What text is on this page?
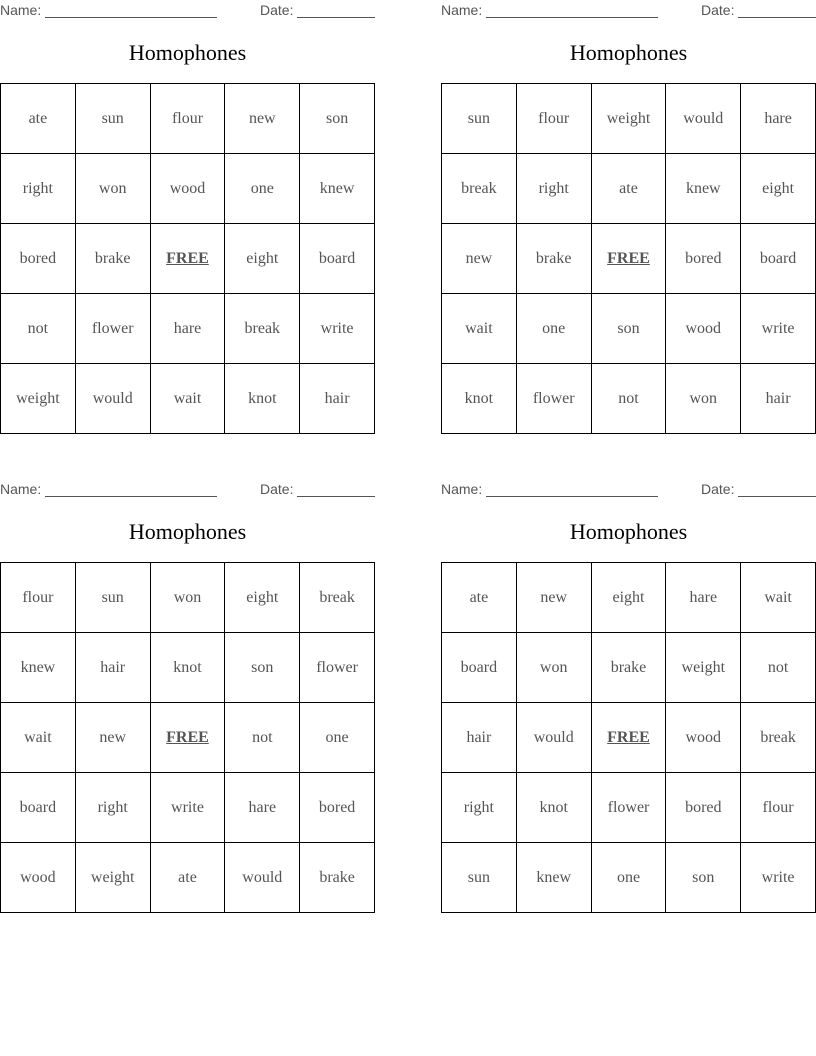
Name:	Date:
Homophones
ate	sun	flour	new	son
right	won	wood	one	knew
bored	brake	FREE	eight	board
not	flower	hare	break	write
weight	would	wait	knot	hair
Name:	Date:
Homophones
sun	flour	weight	would	hare
break	right	ate	knew	eight
new	brake	FREE	bored	board
wait	one	son	wood	write
knot	flower	not	won	hair
Name:	Date:
Homophones
flour	sun	won	eight	break
knew	hair	knot	son	flower
wait	new	FREE	not	one
board	right	write	hare	bored
wood	weight	ate	would	brake
Name:	Date:
Homophones
ate	new	eight	hare	wait
board	won	brake	weight	not
hair	would	FREE	wood	break
right	knot	flower	bored	flour
sun	knew	one	son	write
